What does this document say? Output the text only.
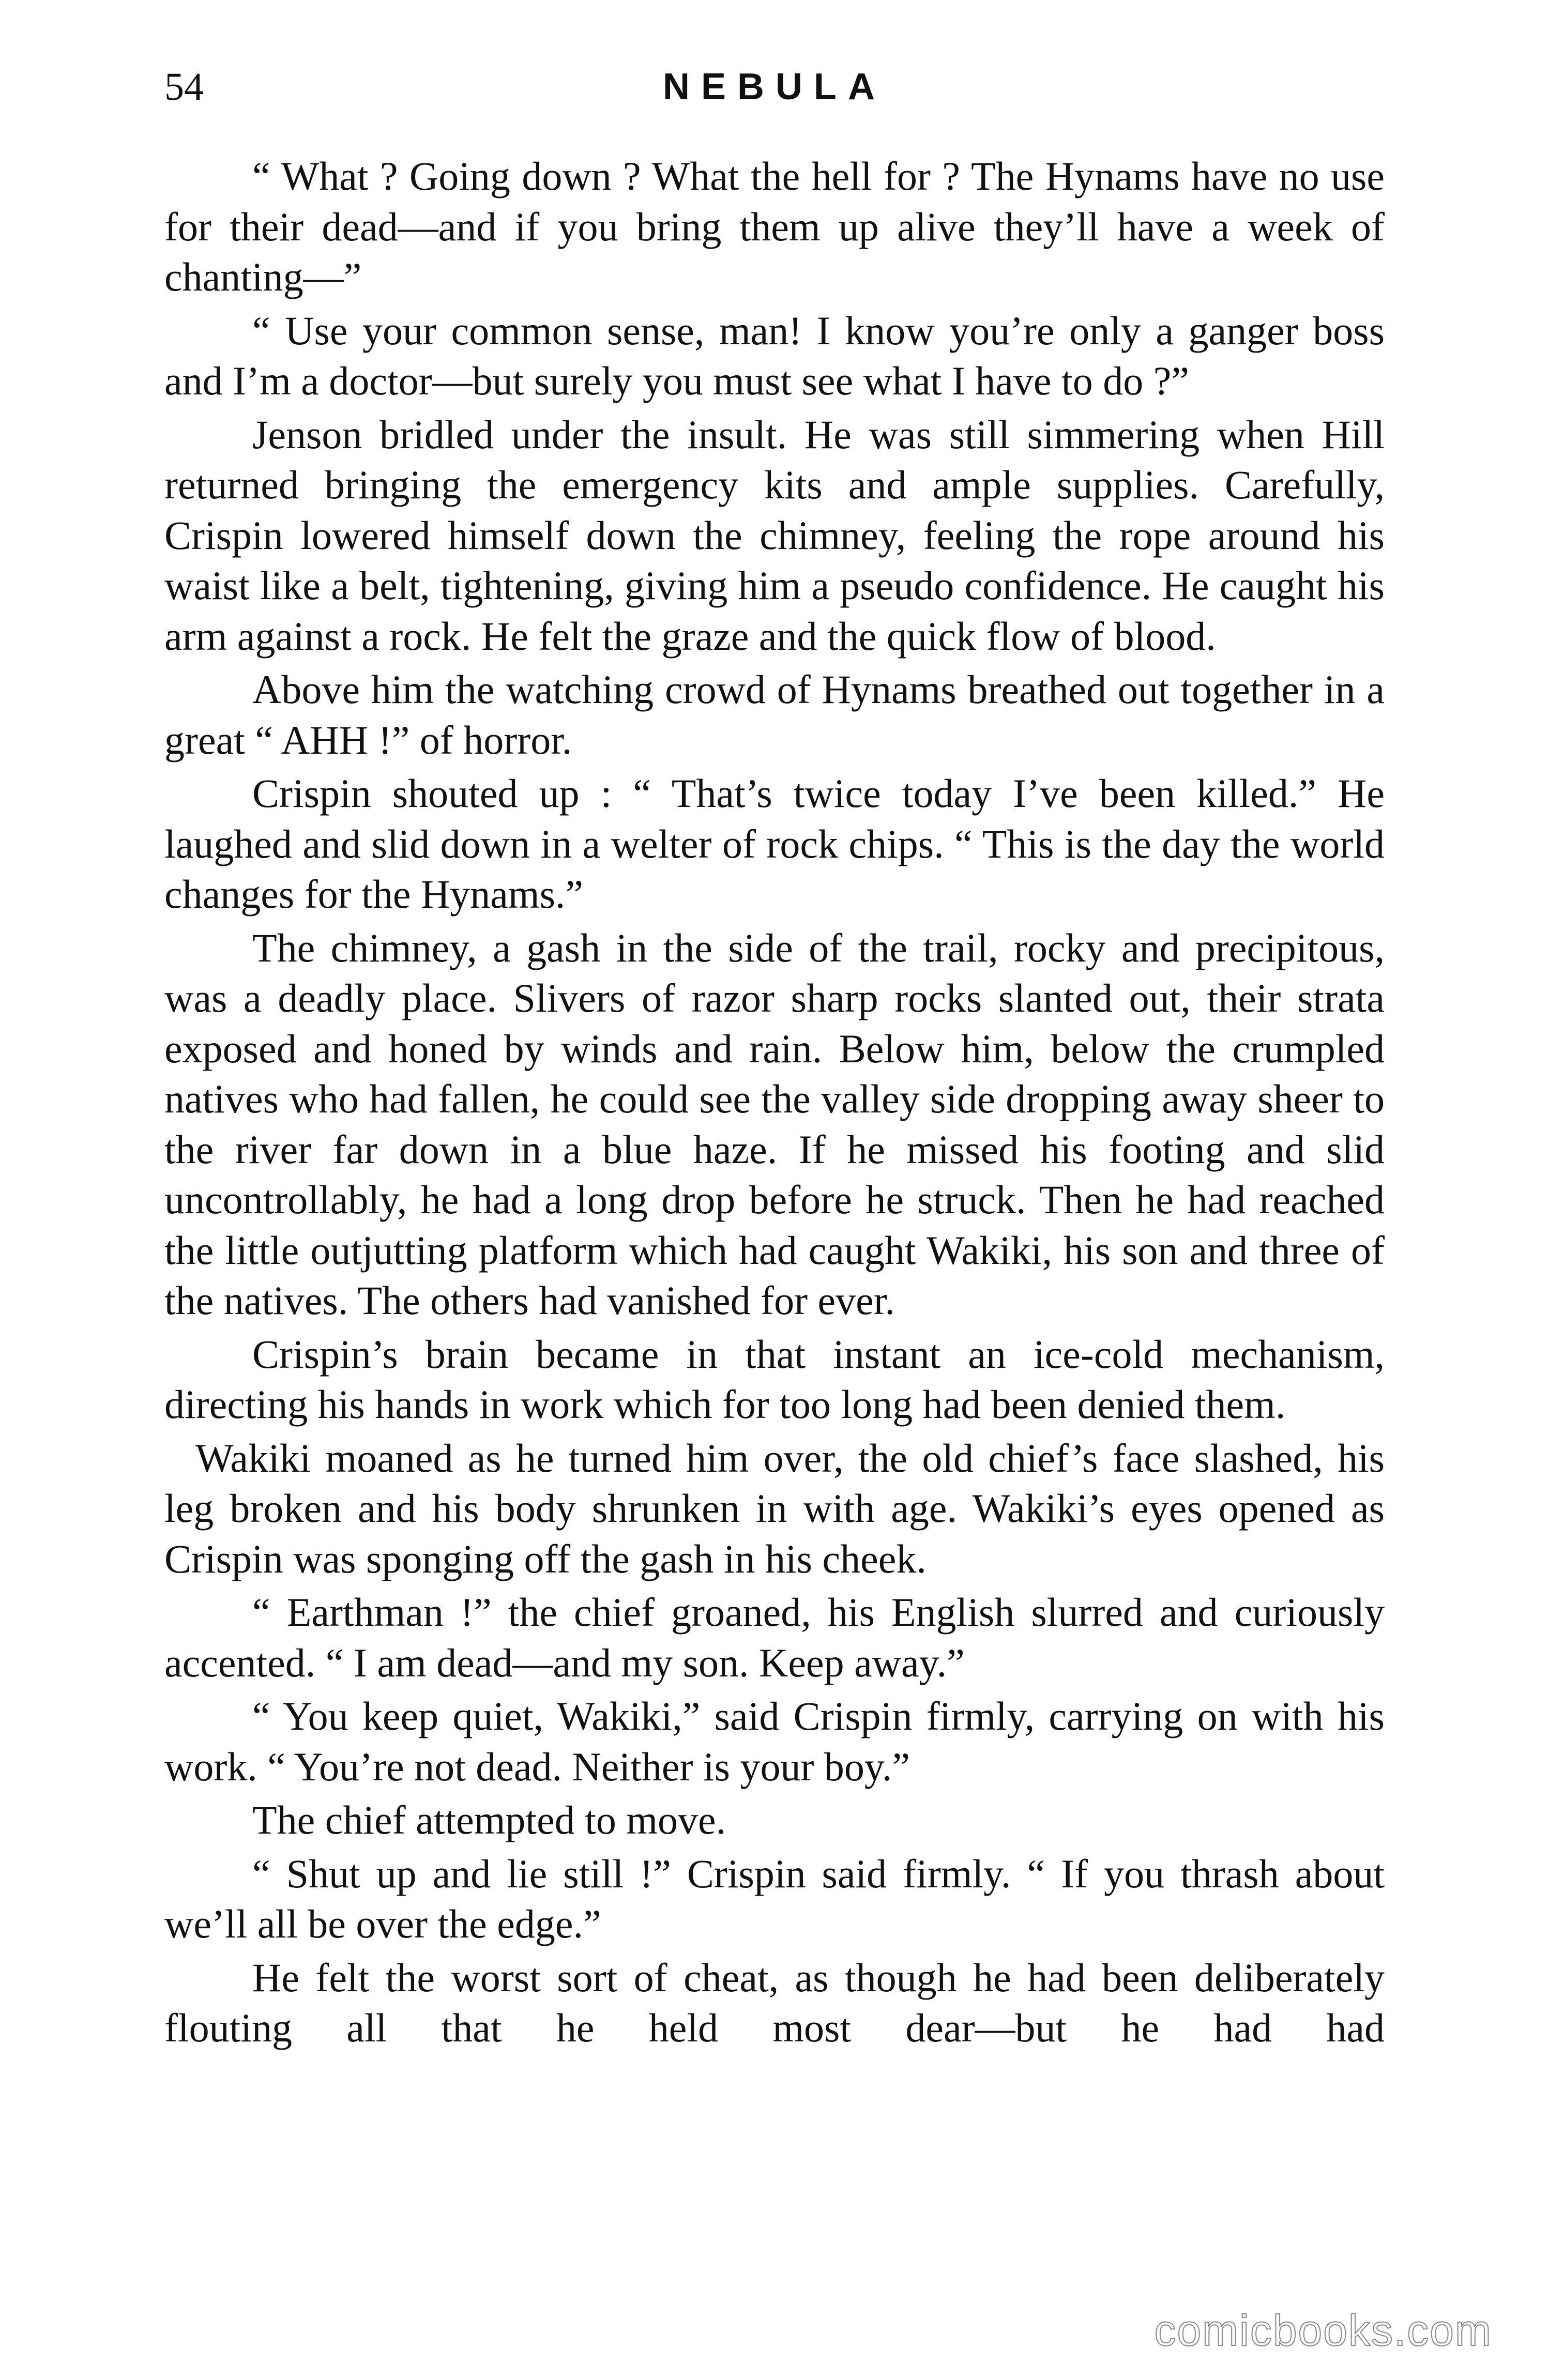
54	NEBULA

“ What ? Going down ? What the hell for ? The Hynams have no use for their dead—and if you bring them up alive they’ll have a week of chanting—”

“ Use your common sense, man! I know you’re only a ganger boss and I’m a doctor—but surely you must see what I have to do ?”

Jenson bridled under the insult. He was still simmering when Hill returned bringing the emergency kits and ample supplies. Carefully, Crispin lowered himself down the chimney, feeling the rope around his waist like a belt, tightening, giving him a pseudo confidence. He caught his arm against a rock. He felt the graze and the quick flow of blood.

Above him the watching crowd of Hynams breathed out together in a great “ AHH !” of horror.

Crispin shouted up : “ That’s twice today I’ve been killed.” He laughed and slid down in a welter of rock chips. “ This is the day the world changes for the Hynams.”

The chimney, a gash in the side of the trail, rocky and precipitous, was a deadly place. Slivers of razor sharp rocks slanted out, their strata exposed and honed by winds and rain. Below him, below the crumpled natives who had fallen, he could see the valley side dropping away sheer to the river far down in a blue haze. If he missed his footing and slid uncontrollably, he had a long drop before he struck. Then he had reached the little outjutting platform which had caught Wakiki, his son and three of the natives. The others had vanished for ever.

Crispin’s brain became in that instant an ice-cold mechanism, directing his hands in work which for too long had been denied them.

Wakiki moaned as he turned him over, the old chief’s face slashed, his leg broken and his body shrunken in with age. Wakiki’s eyes opened as Crispin was sponging off the gash in his cheek.

“ Earthman !” the chief groaned, his English slurred and curiously accented. “ I am dead—and my son. Keep away.”

“ You keep quiet, Wakiki,” said Crispin firmly, carrying on with his work. “ You’re not dead. Neither is your boy.”

The chief attempted to move.

“ Shut up and lie still !” Crispin said firmly. “ If you thrash about we’ll all be over the edge.”

He felt the worst sort of cheat, as though he had been deliberately flouting all that he held most dear—but he had had

comicbooks.com
